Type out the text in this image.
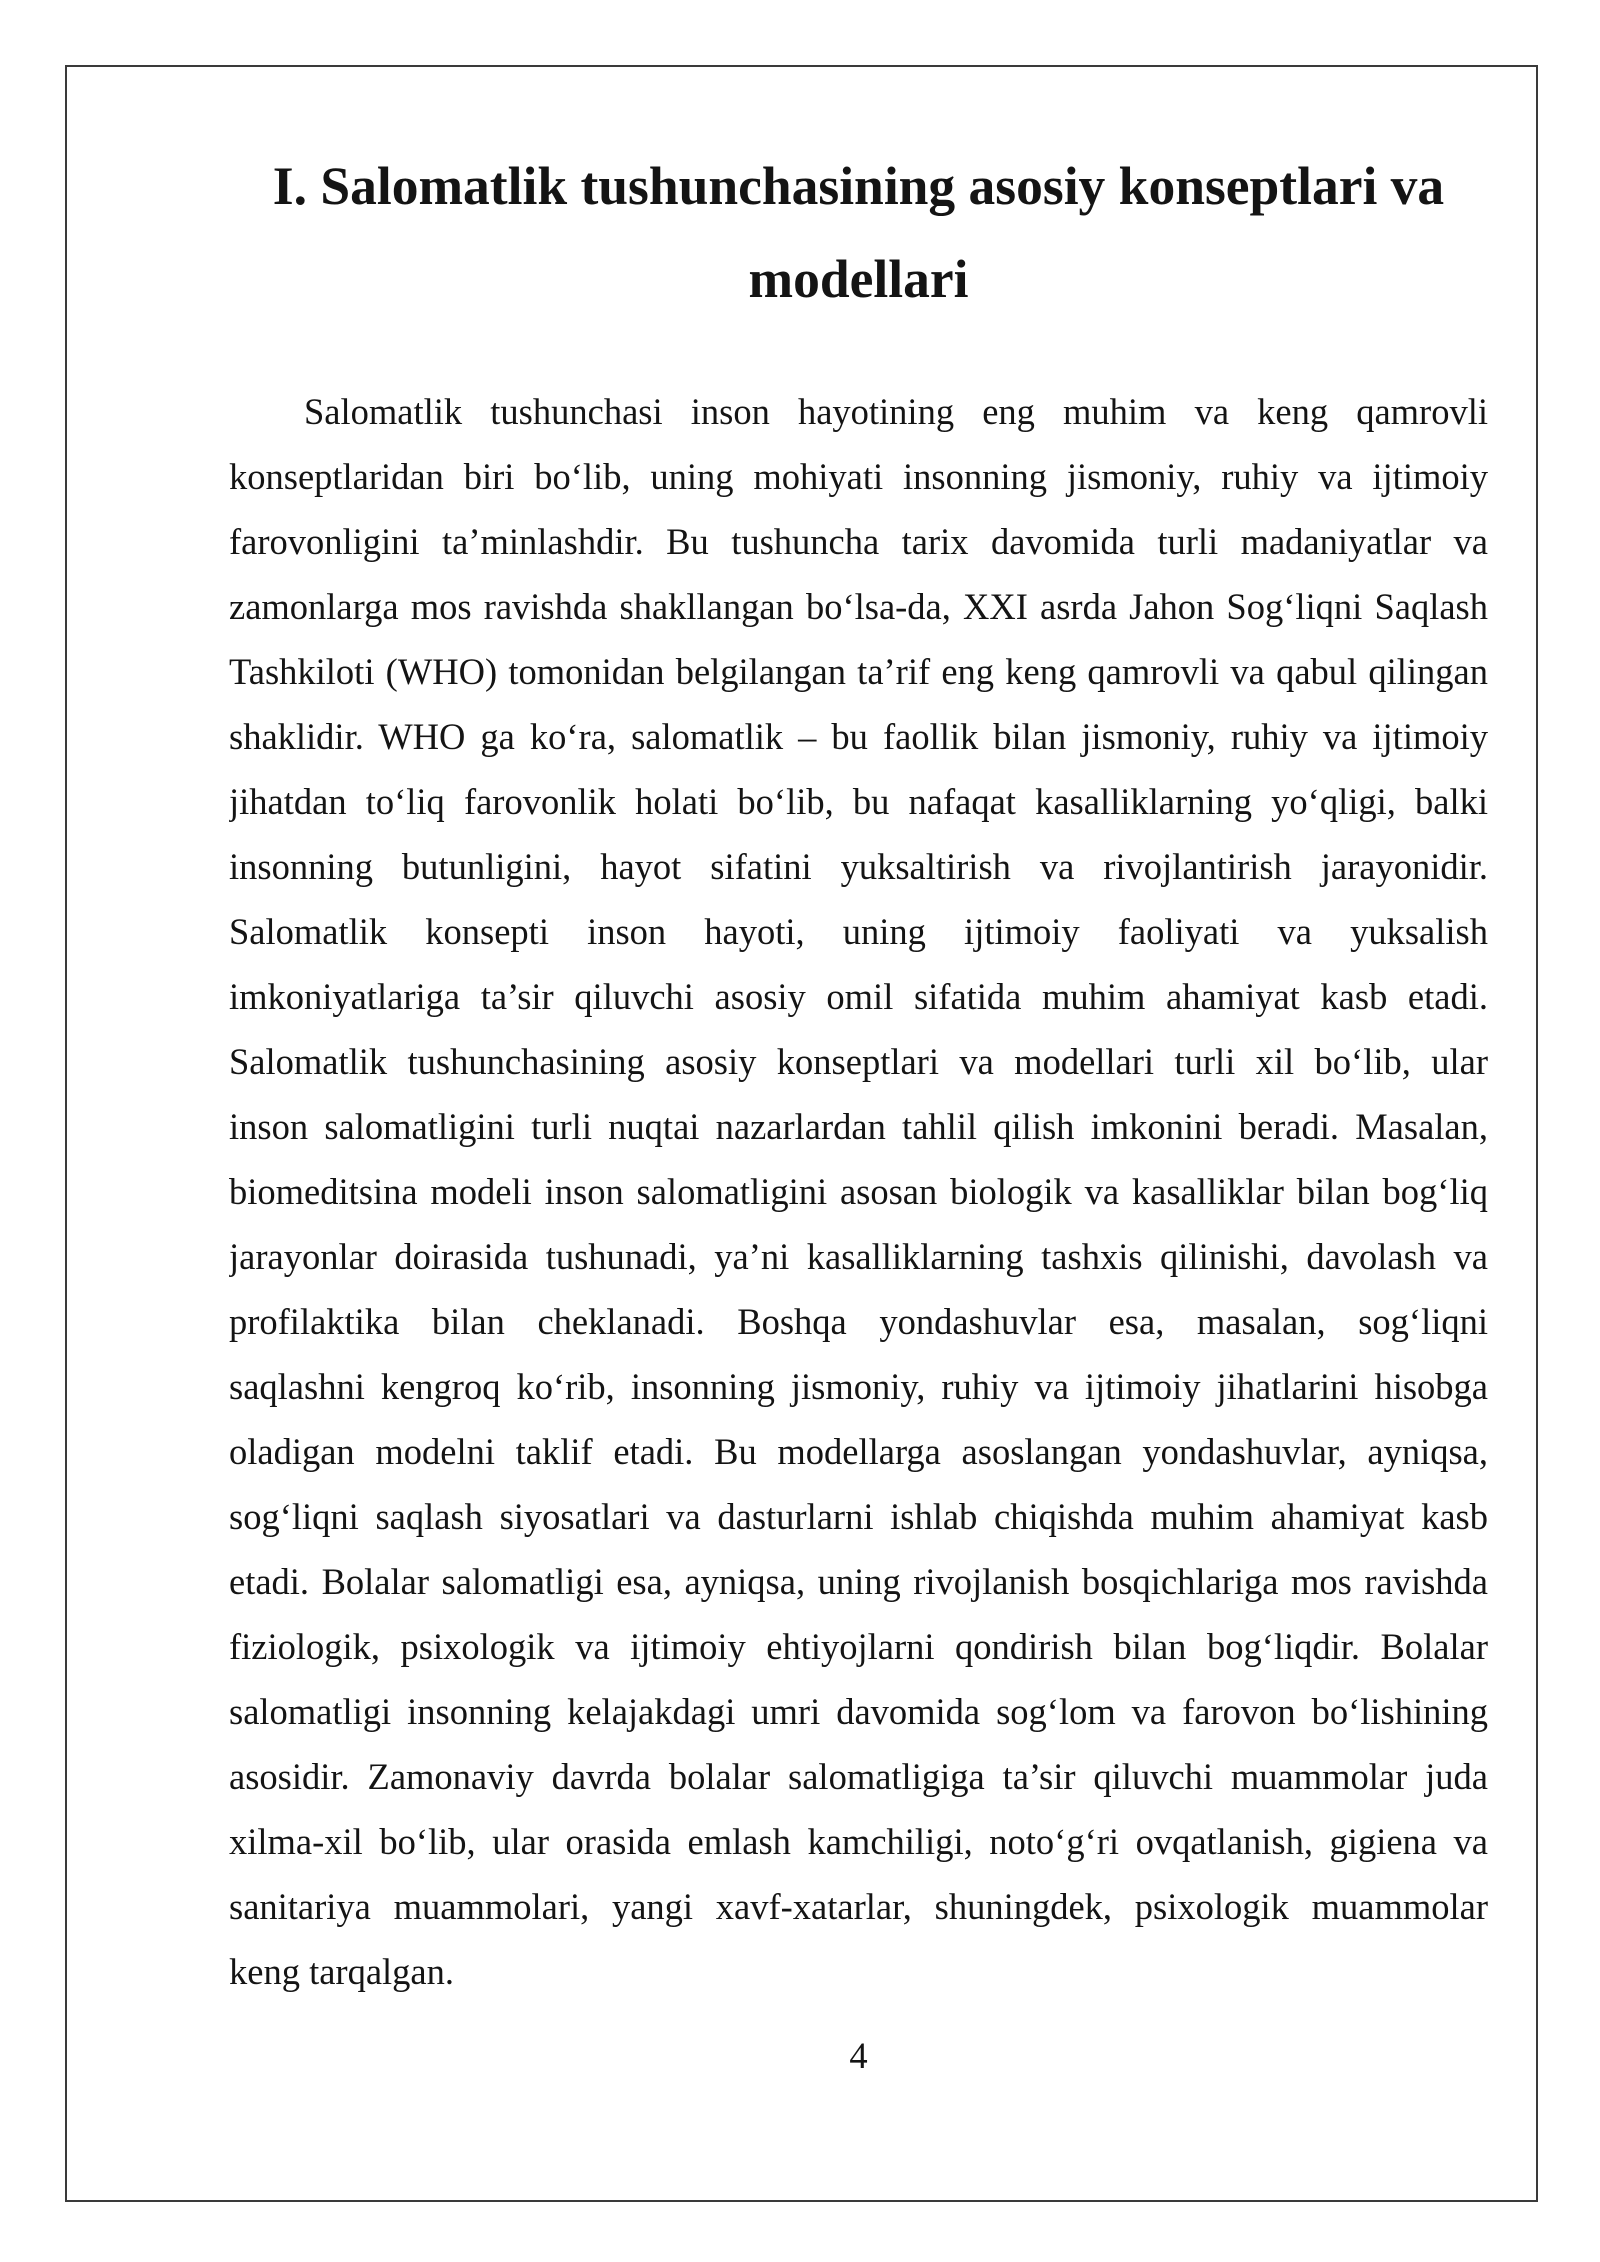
I. Salomatlik tushunchasining asosiy konseptlari va modellari
Salomatlik tushunchasi inson hayotining eng muhim va keng qamrovli
konseptlaridan biri bo‘lib, uning mohiyati insonning jismoniy, ruhiy va ijtimoiy
farovonligini ta’minlashdir. Bu tushuncha tarix davomida turli madaniyatlar va
zamonlarga mos ravishda shakllangan bo‘lsa-da, XXI asrda Jahon Sog‘liqni Saqlash
Tashkiloti (WHO) tomonidan belgilangan ta’rif eng keng qamrovli va qabul qilingan
shaklidir. WHO ga ko‘ra, salomatlik – bu faollik bilan jismoniy, ruhiy va ijtimoiy
jihatdan to‘liq farovonlik holati bo‘lib, bu nafaqat kasalliklarning yo‘qligi, balki
insonning butunligini, hayot sifatini yuksaltirish va rivojlantirish jarayonidir.
Salomatlik konsepti inson hayoti, uning ijtimoiy faoliyati va yuksalish
imkoniyatlariga ta’sir qiluvchi asosiy omil sifatida muhim ahamiyat kasb etadi.
Salomatlik tushunchasining asosiy konseptlari va modellari turli xil bo‘lib, ular
inson salomatligini turli nuqtai nazarlardan tahlil qilish imkonini beradi. Masalan,
biomeditsina modeli inson salomatligini asosan biologik va kasalliklar bilan bog‘liq
jarayonlar doirasida tushunadi, ya’ni kasalliklarning tashxis qilinishi, davolash va
profilaktika bilan cheklanadi. Boshqa yondashuvlar esa, masalan, sog‘liqni
saqlashni kengroq ko‘rib, insonning jismoniy, ruhiy va ijtimoiy jihatlarini hisobga
oladigan modelni taklif etadi. Bu modellarga asoslangan yondashuvlar, ayniqsa,
sog‘liqni saqlash siyosatlari va dasturlarni ishlab chiqishda muhim ahamiyat kasb
etadi. Bolalar salomatligi esa, ayniqsa, uning rivojlanish bosqichlariga mos ravishda
fiziologik, psixologik va ijtimoiy ehtiyojlarni qondirish bilan bog‘liqdir. Bolalar
salomatligi insonning kelajakdagi umri davomida sog‘lom va farovon bo‘lishining
asosidir. Zamonaviy davrda bolalar salomatligiga ta’sir qiluvchi muammolar juda
xilma-xil bo‘lib, ular orasida emlash kamchiligi, noto‘g‘ri ovqatlanish, gigiena va
sanitariya muammolari, yangi xavf-xatarlar, shuningdek, psixologik muammolar
keng tarqalgan.
4
